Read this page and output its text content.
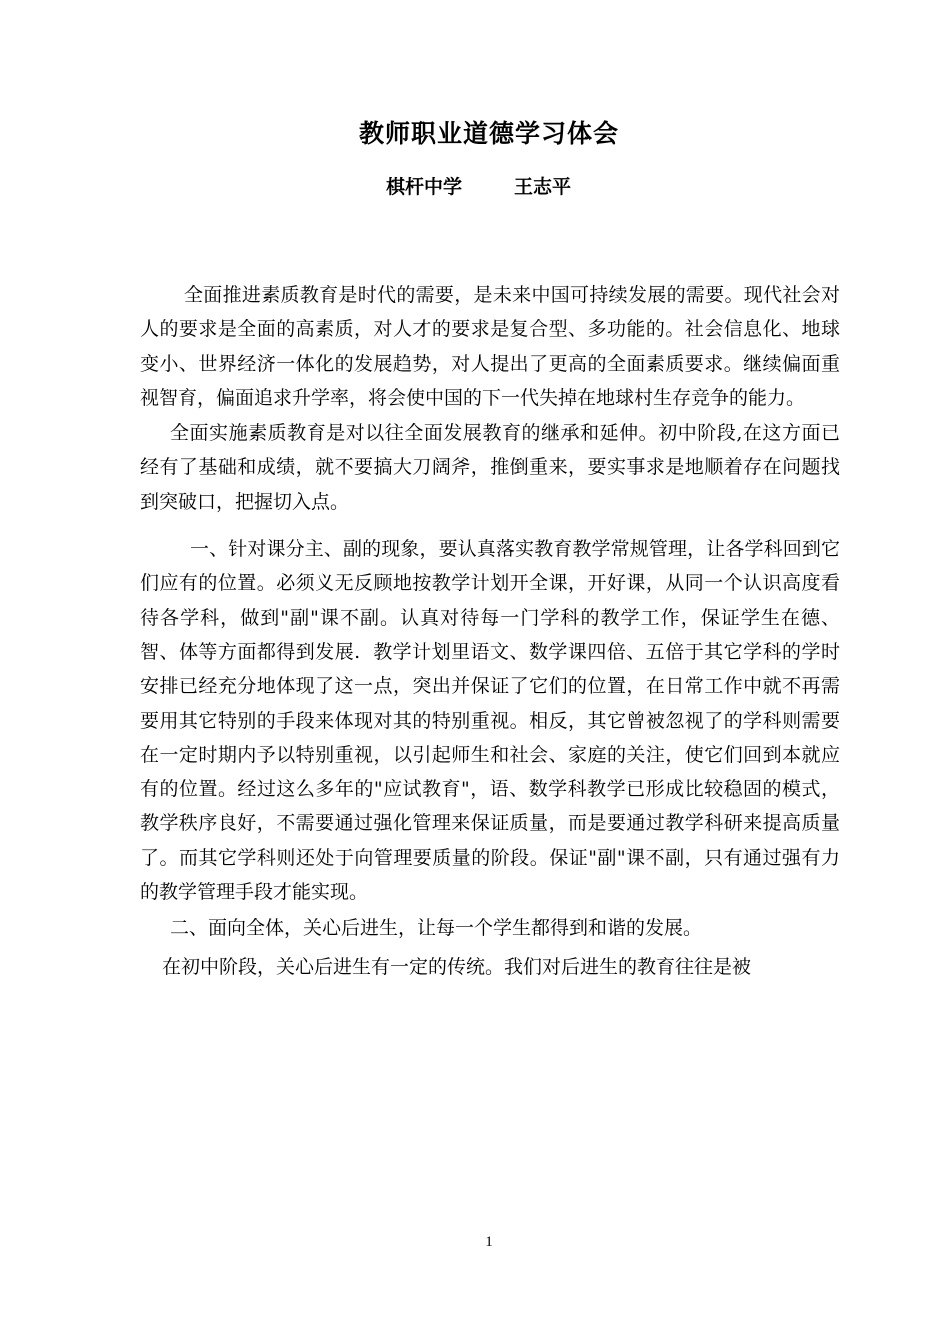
教师职业道德学习体会
棋杆中学	王志平

全面推进素质教育是时代的需要，是未来中国可持续发展的需要。现代社会对人的要求是全面的高素质，对人才的要求是复合型、多功能的。社会信息化、地球变小、世界经济一体化的发展趋势，对人提出了更高的全面素质要求。继续偏面重视智育，偏面追求升学率，将会使中国的下一代失掉在地球村生存竞争的能力。

全面实施素质教育是对以往全面发展教育的继承和延伸。初中阶段,在这方面已经有了基础和成绩，就不要搞大刀阔斧，推倒重来，要实事求是地顺着存在问题找到突破口，把握切入点。

一、针对课分主、副的现象，要认真落实教育教学常规管理，让各学科回到它们应有的位置。必须义无反顾地按教学计划开全课，开好课，从同一个认识高度看待各学科，做到"副"课不副。认真对待每一门学科的教学工作，保证学生在德、智、体等方面都得到发展.  教学计划里语文、数学课四倍、五倍于其它学科的学时安排已经充分地体现了这一点，突出并保证了它们的位置，在日常工作中就不再需要用其它特别的手段来体现对其的特别重视。相反，其它曾被忽视了的学科则需要在一定时期内予以特别重视，以引起师生和社会、家庭的关注，使它们回到本就应有的位置。经过这么多年的"应试教育"，语、数学科教学已形成比较稳固的模式，教学秩序良好，不需要通过强化管理来保证质量，而是要通过教学科研来提高质量了。而其它学科则还处于向管理要质量的阶段。保证"副"课不副，只有通过强有力的教学管理手段才能实现。

二、面向全体，关心后进生，让每一个学生都得到和谐的发展。

在初中阶段，关心后进生有一定的传统。我们对后进生的教育往往是被

1
